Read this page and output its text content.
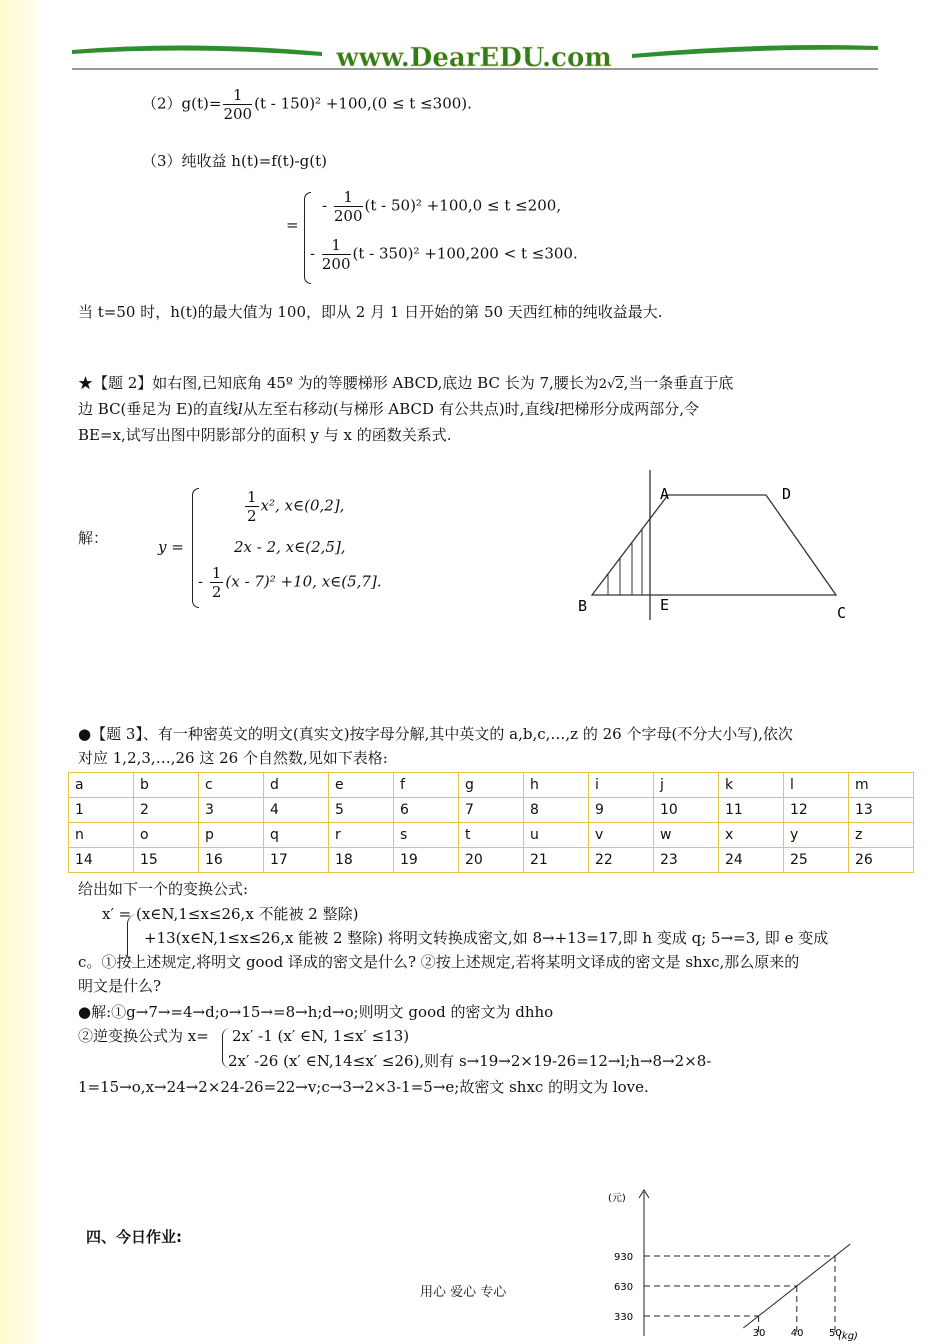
www.DearEDU.com
$(2)g(t)= \frac{1}{200} (t - 150)^2 +100,(0 \le t \le 300)$.
（3）纯收益 h(t)=f(t)-g(t)
=
- $\frac{1}{200} (t - 50)^2 +100,0 \le t \le 200$,
- $\frac{1}{200} (t - 350)^2 +100,200 < t \le 300$.
当 t=50 时，h(t)的最大值为 100，即从 2 月 1 日开始的第 50 天西红柿的纯收益最大.
★【题 2】如右图,已知底角 45º 为的等腰梯形 ABCD,底边 BC 长为 7,腰长为2√2,当一条垂直于底
边 BC(垂足为 E)的直线l从左至右移动(与梯形 ABCD 有公共点)时,直线l把梯形分成两部分,令
BE=x,试写出图中阴影部分的面积 y 与 x 的函数关系式.
解：	y =
$\frac{1}{2} x^2$, x∈(0,2],
2x - 2, x∈(2,5],
- $\frac{1}{2} (x - 7)^2 +10$, x∈(5,7].
A	D
B	E	C
●【题 3】、有一种密英文的明文(真实文)按字母分解,其中英文的 a,b,c,…,z 的 26 个字母(不分大小写),依次
对应 1,2,3,…,26 这 26 个自然数,见如下表格:
a	b	c	d	e	f	g	h	i	j	k	l	m
1	2	3	4	5	6	7	8	9	10	11	12	13
n	o	p	q	r	s	t	u	v	w	x	y	z
14	15	16	17	18	19	20	21	22	23	24	25	26
给出如下一个的变换公式:
x′ = (x∈N,1≤x≤26,x 不能被 2 整除)
+13(x∈N,1≤x≤26,x 能被 2 整除) 将明文转换成密文,如 8→+13=17,即 h 变成 q; 5→=3, 即 e 变成
c。①按上述规定,将明文 good 译成的密文是什么? ②按上述规定,若将某明文译成的密文是 shxc,那么原来的
明文是什么?
●解:①g→7→=4→d;o→15→=8→h;d→o;则明文 good 的密文为 dhho
②逆变换公式为 x= 2x′ -1 (x′ ∈N, 1≤x′ ≤13)
2x′ -26 (x′ ∈N,14≤x′ ≤26),则有 s→19→2×19-26=12→l;h→8→2×8-
1=15→o,x→24→2×24-26=22→v;c→3→2×3-1=5→e;故密文 shxc 的明文为 love.
四、今日作业:
用心 爱心 专心
(元)
(kg)
330
30
630
40
930
50
